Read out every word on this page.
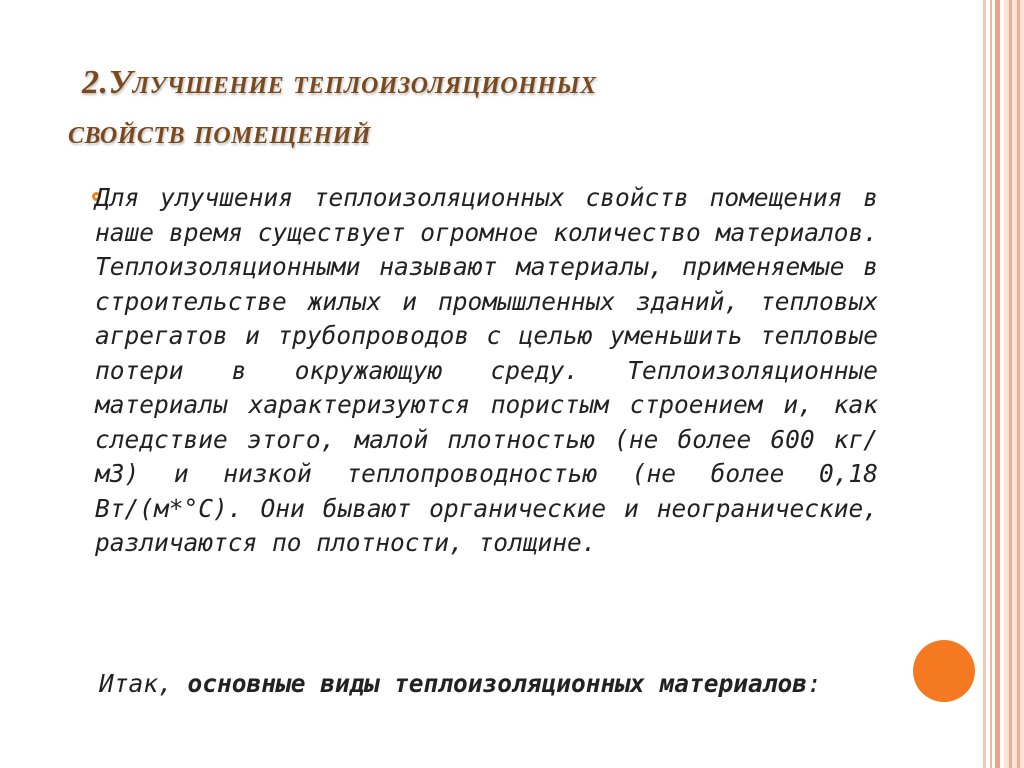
2.Улучшение теплоизоляционных
свойств помещений

Для улучшения теплоизоляционных свойств помещения в наше время существует огромное количество материалов. Теплоизоляционными называют материалы, применяемые в строительстве жилых и промышленных зданий, тепловых агрегатов и трубопроводов с целью уменьшить тепловые потери в окружающую среду. Теплоизоляционные материалы характеризуются пористым строением и, как следствие этого, малой плотностью (не более 600 кг/м3) и низкой теплопроводностью (не более 0,18 Вт/(м*°С). Они бывают органические и неогранические, различаются по плотности, толщине.

Итак, основные виды теплоизоляционных материалов:
